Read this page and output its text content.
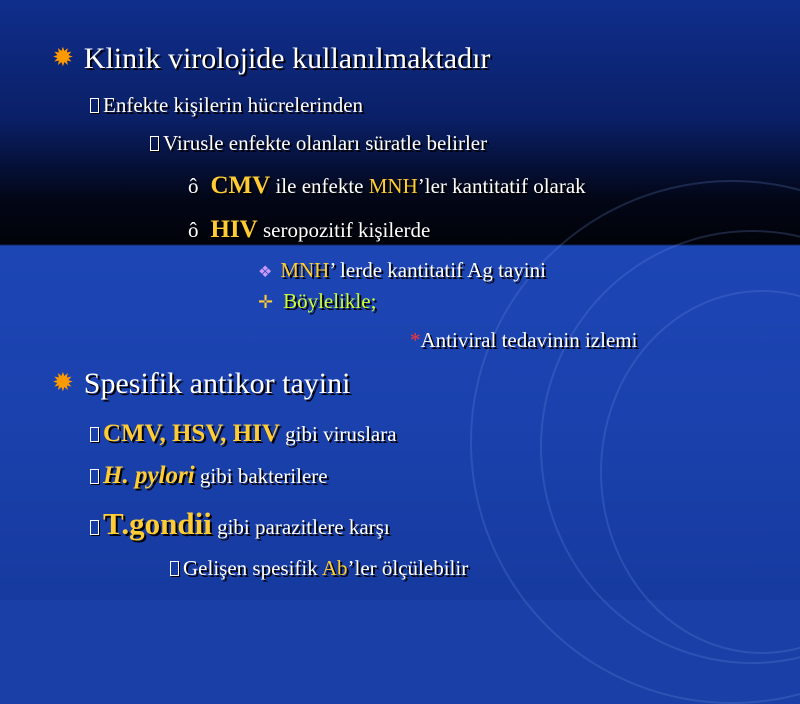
✹ Klinik virolojide kullanılmaktadır
Enfekte kişilerin hücrelerinden
Virusle enfekte olanları süratle belirler
ô CMV ile enfekte MNH’ler kantitatif olarak
ô HIV seropozitif kişilerde
❖ MNH’ lerde kantitatif Ag tayini
✛ Böylelikle;
*Antiviral tedavinin izlemi
✹ Spesifik antikor tayini
CMV, HSV, HIV gibi viruslara
H. pylori gibi bakterilere
T.gondii gibi parazitlere karşı
Gelişen spesifik Ab’ler ölçülebilir
